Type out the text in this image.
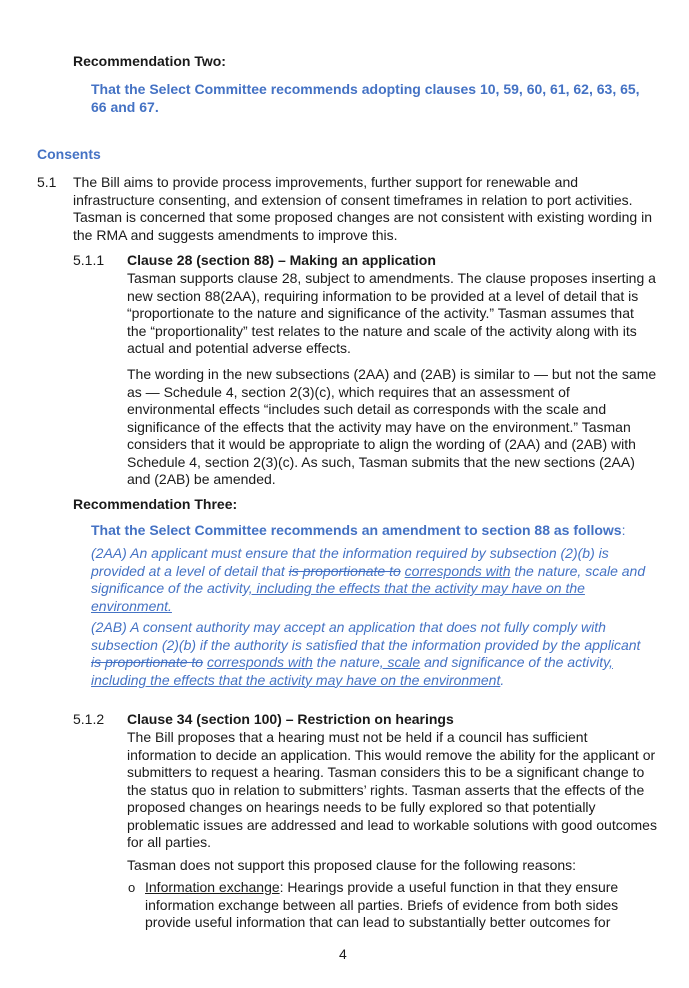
Recommendation Two:

That the Select Committee recommends adopting clauses 10, 59, 60, 61, 62, 63, 65, 66 and 67.

Consents
5.1 The Bill aims to provide process improvements, further support for renewable and infrastructure consenting, and extension of consent timeframes in relation to port activities. Tasman is concerned that some proposed changes are not consistent with existing wording in the RMA and suggests amendments to improve this.

5.1.1 Clause 28 (section 88) – Making an application

Tasman supports clause 28, subject to amendments. The clause proposes inserting a new section 88(2AA), requiring information to be provided at a level of detail that is “proportionate to the nature and significance of the activity.” Tasman assumes that the “proportionality” test relates to the nature and scale of the activity along with its actual and potential adverse effects.

The wording in the new subsections (2AA) and (2AB) is similar to — but not the same as — Schedule 4, section 2(3)(c), which requires that an assessment of environmental effects “includes such detail as corresponds with the scale and significance of the effects that the activity may have on the environment.” Tasman considers that it would be appropriate to align the wording of (2AA) and (2AB) with Schedule 4, section 2(3)(c). As such, Tasman submits that the new sections (2AA) and (2AB) be amended.

Recommendation Three:
That the Select Committee recommends an amendment to section 88 as follows:

(2AA) An applicant must ensure that the information required by subsection (2)(b) is provided at a level of detail that is proportionate to corresponds with the nature, scale and significance of the activity, including the effects that the activity may have on the environment.

(2AB) A consent authority may accept an application that does not fully comply with subsection (2)(b) if the authority is satisfied that the information provided by the applicant is proportionate to corresponds with the nature, scale and significance of the activity, including the effects that the activity may have on the environment.

5.1.2 Clause 34 (section 100) – Restriction on hearings

The Bill proposes that a hearing must not be held if a council has sufficient information to decide an application. This would remove the ability for the applicant or submitters to request a hearing. Tasman considers this to be a significant change to the status quo in relation to submitters’ rights. Tasman asserts that the effects of the proposed changes on hearings needs to be fully explored so that potentially problematic issues are addressed and lead to workable solutions with good outcomes for all parties.

Tasman does not support this proposed clause for the following reasons:

o Information exchange: Hearings provide a useful function in that they ensure information exchange between all parties. Briefs of evidence from both sides provide useful information that can lead to substantially better outcomes for

4
